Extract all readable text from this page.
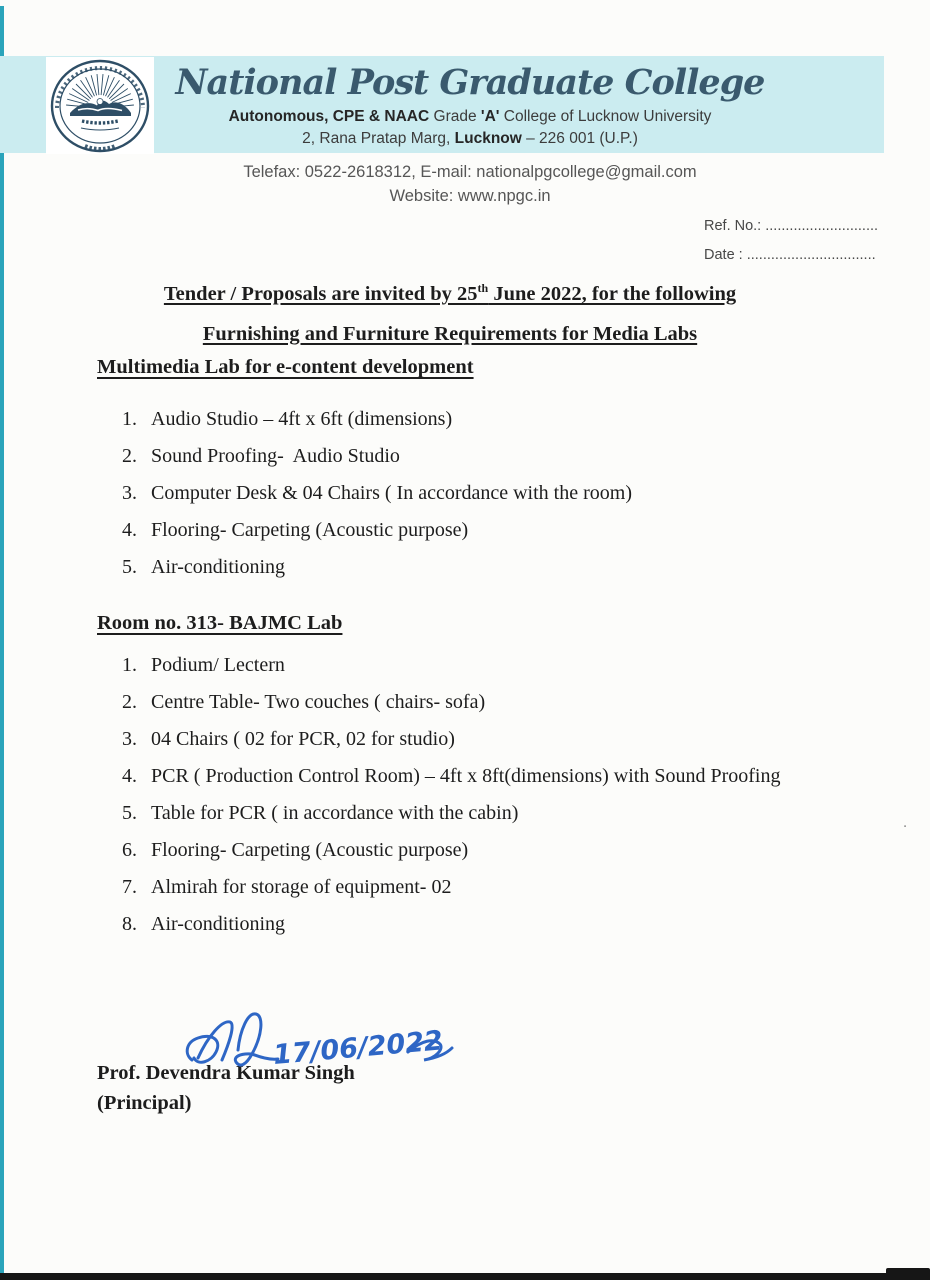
·
National Post Graduate College
Autonomous, CPE & NAAC Grade 'A' College of Lucknow University
2, Rana Pratap Marg, Lucknow – 226 001 (U.P.)
Telefax: 0522-2618312, E-mail: nationalpgcollege@gmail.com
Website: www.npgc.in
Ref. No.: ............................
Date : ................................
Tender / Proposals are invited by 25th June 2022, for the following
Furnishing and Furniture Requirements for Media Labs
Multimedia Lab for e-content development
1. Audio Studio – 4ft x 6ft (dimensions)
2. Sound Proofing-  Audio Studio
3. Computer Desk & 04 Chairs ( In accordance with the room)
4. Flooring- Carpeting (Acoustic purpose)
5. Air-conditioning
Room no. 313- BAJMC Lab
1. Podium/ Lectern
2. Centre Table- Two couches ( chairs- sofa)
3. 04 Chairs ( 02 for PCR, 02 for studio)
4. PCR ( Production Control Room) – 4ft x 8ft(dimensions) with Sound Proofing
5. Table for PCR ( in accordance with the cabin)
6. Flooring- Carpeting (Acoustic purpose)
7. Almirah for storage of equipment- 02
8. Air-conditioning
17/06/2022
Prof. Devendra Kumar Singh
(Principal)
